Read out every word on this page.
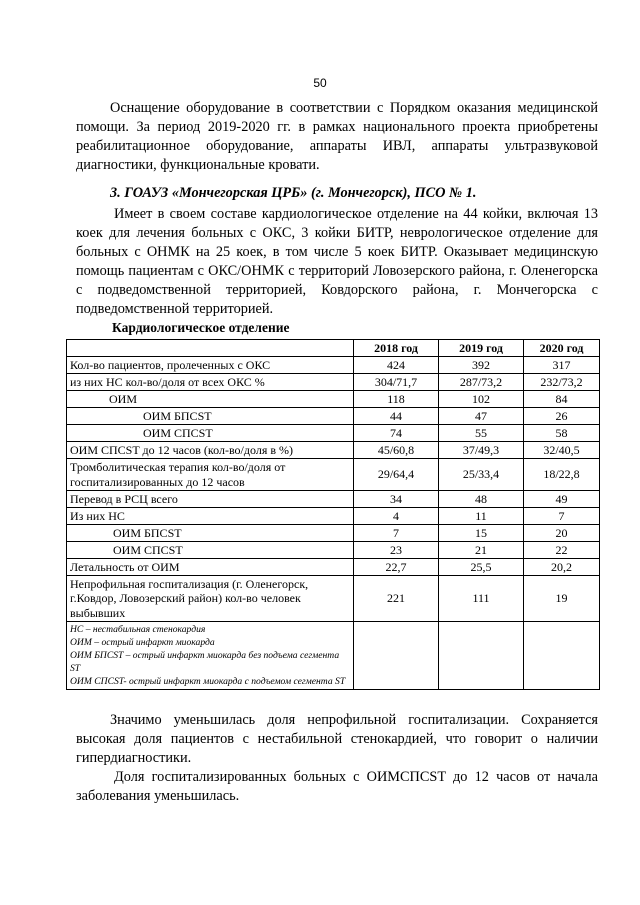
50

Оснащение оборудование в соответствии с Порядком оказания медицинской помощи. За период 2019-2020 гг. в рамках национального проекта приобретены реабилитационное оборудование, аппараты ИВЛ, аппараты ультразвуковой диагностики, функциональные кровати.

3. ГОАУЗ «Мончегорская ЦРБ» (г. Мончегорск), ПСО № 1.

Имеет в своем составе кардиологическое отделение на 44 койки, включая 13 коек для лечения больных с ОКС, 3 койки БИТР, неврологическое отделение для больных с ОНМК на 25 коек, в том числе 5 коек БИТР. Оказывает медицинскую помощь пациентам с ОКС/ОНМК с территорий Ловозерского района, г. Оленегорска с подведомственной территорией, Ковдорского района, г. Мончегорска с подведомственной территорией.

Кардиологическое отделение

	2018 год	2019 год	2020 год
Кол-во пациентов, пролеченных с ОКС	424	392	317
из них НС кол-во/доля от всех ОКС %	304/71,7	287/73,2	232/73,2
ОИМ	118	102	84
ОИМ БПСST	44	47	26
ОИМ СПСST	74	55	58
ОИМ СПСST до 12 часов (кол-во/доля в %)	45/60,8	37/49,3	32/40,5
Тромболитическая терапия кол-во/доля от госпитализированных до 12 часов	29/64,4	25/33,4	18/22,8
Перевод в РСЦ всего	34	48	49
Из них НС	4	11	7
ОИМ БПСST	7	15	20
ОИМ СПСST	23	21	22
Летальность от ОИМ	22,7	25,5	20,2
Непрофильная госпитализация (г. Оленегорск, г.Ковдор, Ловозерский район) кол-во человек выбывших	221	111	19

НС – нестабильная стенокардия
ОИМ – острый инфаркт миокарда
ОИМ БПСST – острый инфаркт миокарда без подъема сегмента ST
ОИМ СПСST- острый инфаркт миокарда с подъемом сегмента ST			

Значимо уменьшилась доля непрофильной госпитализации. Сохраняется высокая доля пациентов с нестабильной стенокардией, что говорит о наличии гипердиагностики.

Доля госпитализированных больных с ОИМСПСST до 12 часов от начала заболевания уменьшилась.
